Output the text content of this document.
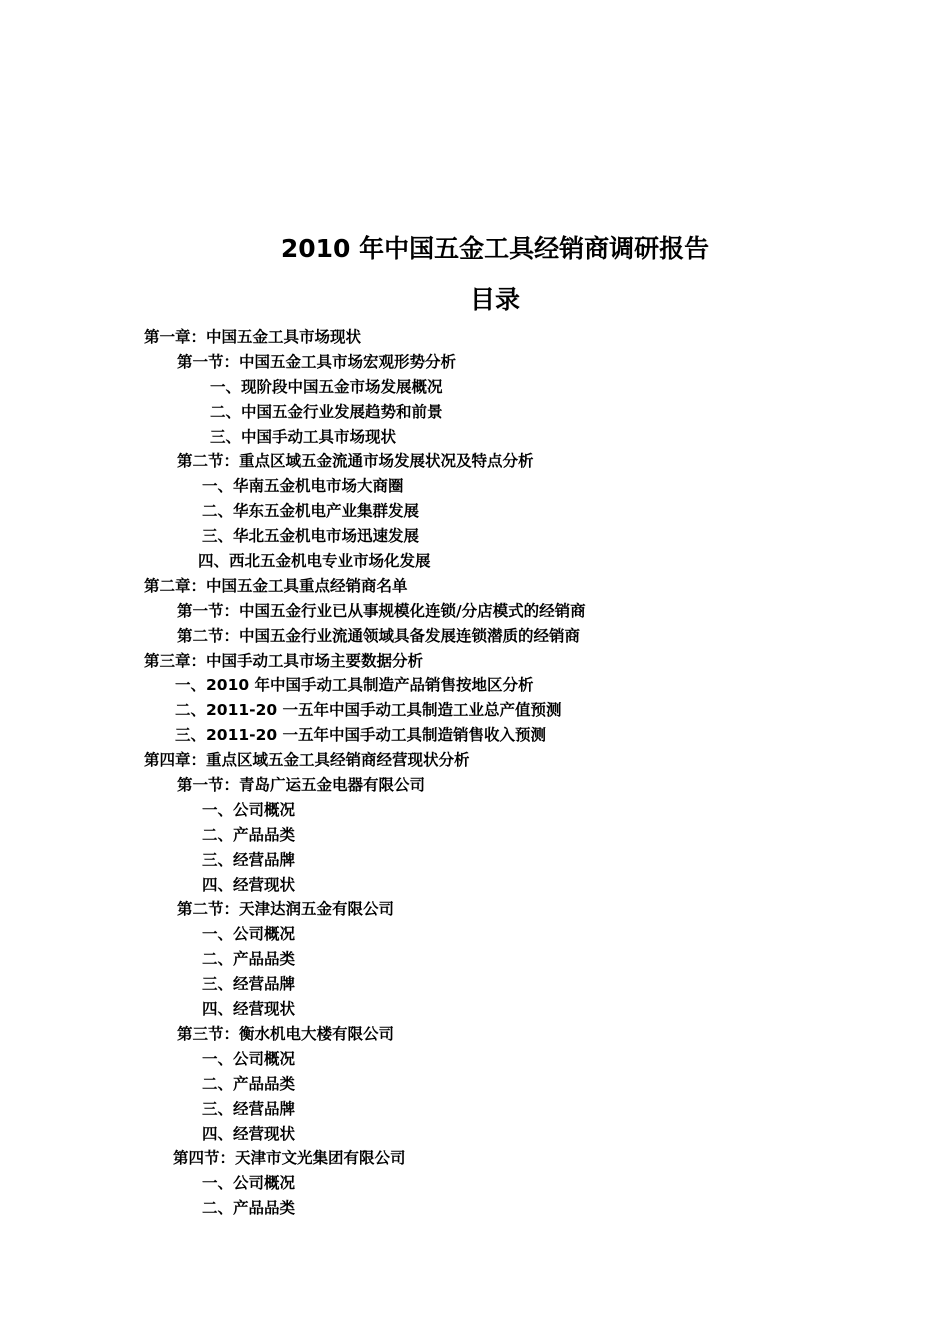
2010 年中国五金工具经销商调研报告
目录
第一章：中国五金工具市场现状
第一节：中国五金工具市场宏观形势分析
一、现阶段中国五金市场发展概况
二、中国五金行业发展趋势和前景
三、中国手动工具市场现状
第二节：重点区域五金流通市场发展状况及特点分析
一、华南五金机电市场大商圈
二、华东五金机电产业集群发展
三、华北五金机电市场迅速发展
四、西北五金机电专业市场化发展
第二章：中国五金工具重点经销商名单
第一节：中国五金行业已从事规模化连锁/分店模式的经销商
第二节：中国五金行业流通领域具备发展连锁潜质的经销商
第三章：中国手动工具市场主要数据分析
一、2010 年中国手动工具制造产品销售按地区分析
二、2011-20 一五年中国手动工具制造工业总产值预测
三、2011-20 一五年中国手动工具制造销售收入预测
第四章：重点区域五金工具经销商经营现状分析
第一节：青岛广运五金电器有限公司
一、公司概况
二、产品品类
三、经营品牌
四、经营现状
第二节：天津达润五金有限公司
一、公司概况
二、产品品类
三、经营品牌
四、经营现状
第三节：衡水机电大楼有限公司
一、公司概况
二、产品品类
三、经营品牌
四、经营现状
第四节：天津市文光集团有限公司
一、公司概况
二、产品品类
